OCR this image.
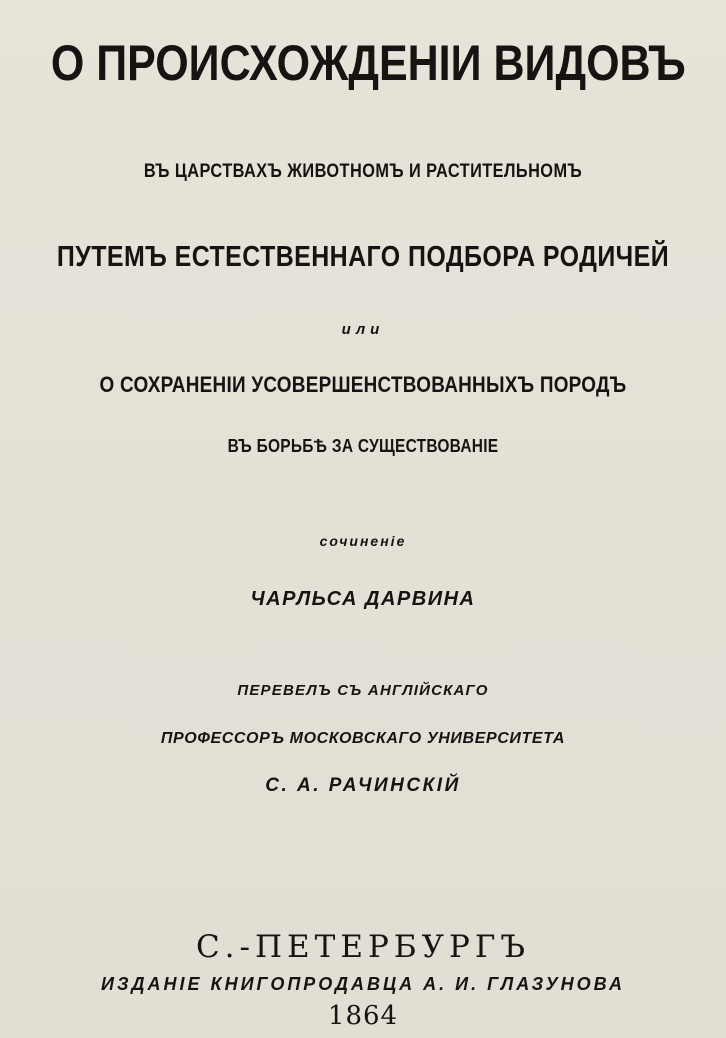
О ПРОИСХОЖДЕНІИ ВИДОВЪ

ВЪ ЦАРСТВАХЪ ЖИВОТНОМЪ И РАСТИТЕЛЬНОМЪ

ПУТЕМЪ ЕСТЕСТВЕННАГО ПОДБОРА РОДИЧЕЙ

или

О СОХРАНЕНІИ УСОВЕРШЕНСТВОВАННЫХЪ ПОРОДЪ

ВЪ БОРЬБѢ ЗА СУЩЕСТВОВАНІЕ

сочиненіе

ЧАРЛЬСА ДАРВИНА

ПЕРЕВЕЛЪ СЪ АНГЛІЙСКАГО

ПРОФЕССОРЪ МОСКОВСКАГО УНИВЕРСИТЕТА

С. А. РАЧИНСКІЙ

С.-ПЕТЕРБУРГЪ

ИЗДАНІЕ КНИГОПРОДАВЦА А. И. ГЛАЗУНОВА

1864
